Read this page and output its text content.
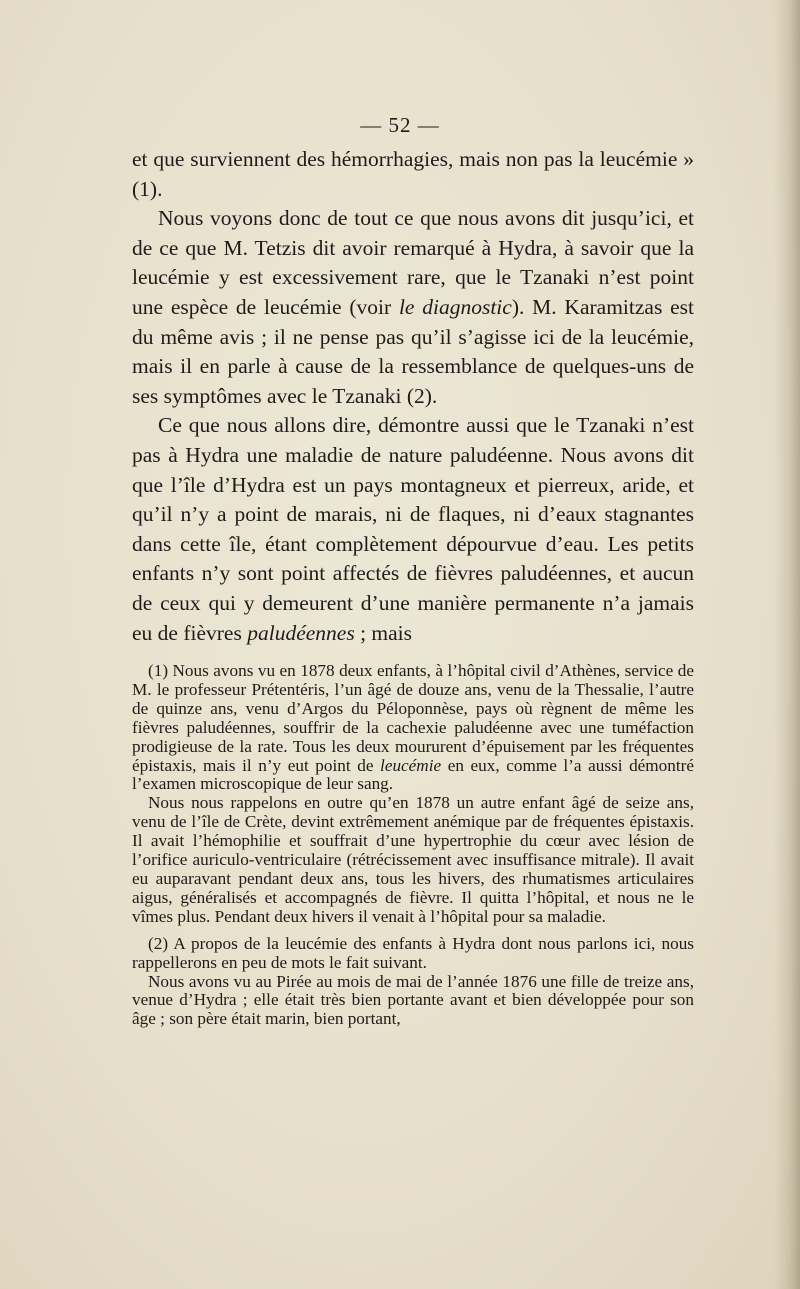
— 52 —

et que surviennent des hémorrhagies, mais non pas la leucémie » (1).

Nous voyons donc de tout ce que nous avons dit jusqu’ici, et de ce que M. Tetzis dit avoir remarqué à Hydra, à savoir que la leucémie y est excessivement rare, que le Tzanaki n’est point une espèce de leucémie (voir le diagnostic). M. Karamitzas est du même avis ; il ne pense pas qu’il s’agisse ici de la leucémie, mais il en parle à cause de la ressemblance de quelques-uns de ses symptômes avec le Tzanaki (2).

Ce que nous allons dire, démontre aussi que le Tzanaki n’est pas à Hydra une maladie de nature paludéenne. Nous avons dit que l’île d’Hydra est un pays montagneux et pierreux, aride, et qu’il n’y a point de marais, ni de flaques, ni d’eaux stagnantes dans cette île, étant complètement dépourvue d’eau. Les petits enfants n’y sont point affectés de fièvres paludéennes, et aucun de ceux qui y demeurent d’une manière permanente n’a jamais eu de fièvres paludéennes ; mais

(1) Nous avons vu en 1878 deux enfants, à l’hôpital civil d’Athènes, service de M. le professeur Prétentéris, l’un âgé de douze ans, venu de la Thessalie, l’autre de quinze ans, venu d’Argos du Péloponnèse, pays où règnent de même les fièvres paludéennes, souffrir de la cachexie paludéenne avec une tuméfaction prodigieuse de la rate. Tous les deux moururent d’épuisement par les fréquentes épistaxis, mais il n’y eut point de leucémie en eux, comme l’a aussi démontré l’examen microscopique de leur sang.

Nous nous rappelons en outre qu’en 1878 un autre enfant âgé de seize ans, venu de l’île de Crète, devint extrêmement anémique par de fréquentes épistaxis. Il avait l’hémophilie et souffrait d’une hypertrophie du cœur avec lésion de l’orifice auriculo-ventriculaire (rétrécissement avec insuffisance mitrale). Il avait eu auparavant pendant deux ans, tous les hivers, des rhumatismes articulaires aigus, généralisés et accompagnés de fièvre. Il quitta l’hôpital, et nous ne le vîmes plus. Pendant deux hivers il venait à l’hôpital pour sa maladie.

(2) A propos de la leucémie des enfants à Hydra dont nous parlons ici, nous rappellerons en peu de mots le fait suivant.

Nous avons vu au Pirée au mois de mai de l’année 1876 une fille de treize ans, venue d’Hydra ; elle était très bien portante avant et bien développée pour son âge ; son père était marin, bien portant,
